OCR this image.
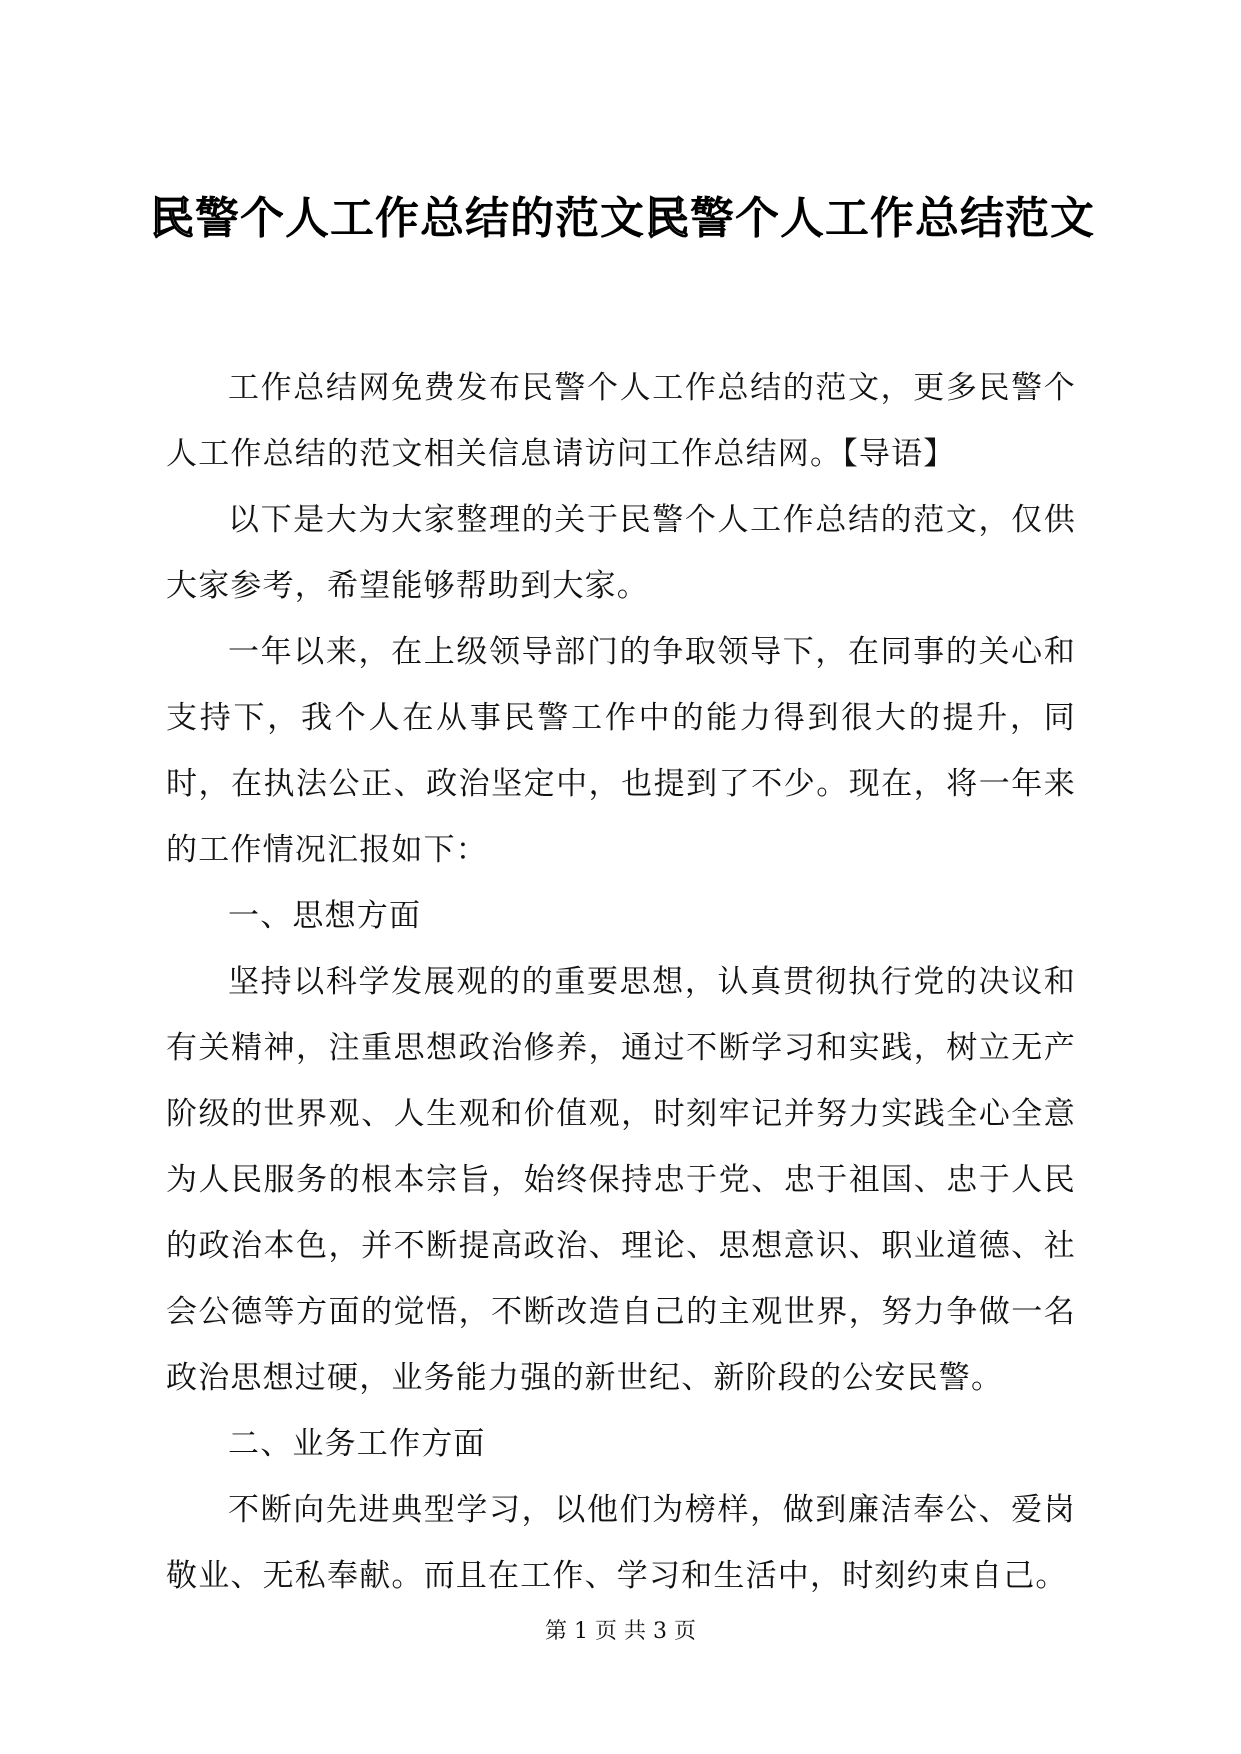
民警个人工作总结的范文民警个人工作总结范文

工作总结网免费发布民警个人工作总结的范文，更多民警个人工作总结的范文相关信息请访问工作总结网。【导语】

以下是大为大家整理的关于民警个人工作总结的范文，仅供大家参考，希望能够帮助到大家。

一年以来，在上级领导部门的争取领导下，在同事的关心和支持下，我个人在从事民警工作中的能力得到很大的提升，同时，在执法公正、政治坚定中，也提到了不少。现在，将一年来的工作情况汇报如下：

一、思想方面

坚持以科学发展观的的重要思想，认真贯彻执行党的决议和有关精神，注重思想政治修养，通过不断学习和实践，树立无产阶级的世界观、人生观和价值观，时刻牢记并努力实践全心全意为人民服务的根本宗旨，始终保持忠于党、忠于祖国、忠于人民的政治本色，并不断提高政治、理论、思想意识、职业道德、社会公德等方面的觉悟，不断改造自己的主观世界，努力争做一名政治思想过硬，业务能力强的新世纪、新阶段的公安民警。

二、业务工作方面

不断向先进典型学习，以他们为榜样，做到廉洁奉公、爱岗敬业、无私奉献。而且在工作、学习和生活中，时刻约束自己。

第 1 页 共 3 页
